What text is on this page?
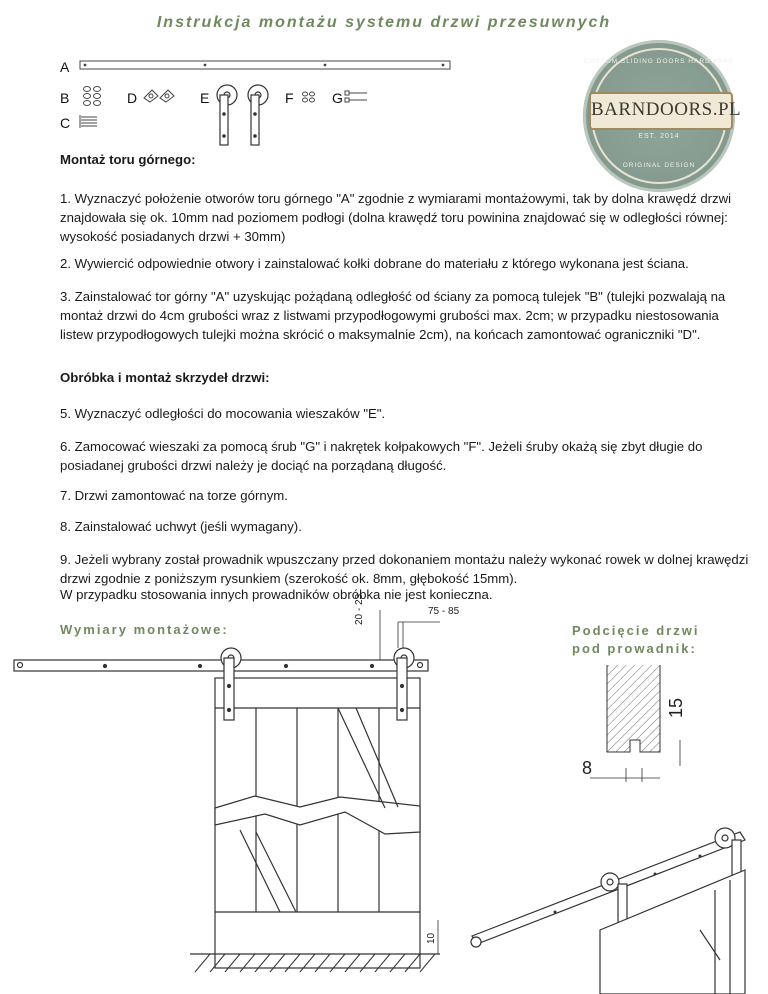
Instrukcja montażu systemu drzwi przesuwnych
A
B
C
D	E	F	G
CUSTOM SLIDING DOORS HARDWARE
BARNDOORS.PL
EST. 2014
ORIGINAL DESIGN
Montaż toru górnego:
1. Wyznaczyć położenie otworów toru górnego "A" zgodnie z wymiarami montażowymi, tak by dolna krawędź drzwi znajdowała się ok. 10mm nad poziomem podłogi (dolna krawędź toru powinina znajdować się w odległości równej: wysokość posiadanych drzwi + 30mm)
2. Wywiercić odpowiednie otwory i zainstalować kołki dobrane do materiału z którego wykonana jest ściana.
3. Zainstalować tor górny "A" uzyskując pożądaną odległość od ściany za pomocą tulejek "B" (tulejki pozwalają na montaż drzwi do 4cm grubości wraz z listwami przypodłogowymi grubości max. 2cm; w przypadku niestosowania listew przypodłogowych tulejki można skrócić o maksymalnie 2cm), na końcach zamontować ograniczniki "D".
Obróbka i montaż skrzydeł drzwi:
5. Wyznaczyć odległości do mocowania wieszaków "E".
6. Zamocować wieszaki za pomocą śrub "G" i nakrętek kołpakowych "F". Jeżeli śruby okażą się zbyt długie do posiadanej grubości drzwi należy je dociąć na porządaną długość.
7. Drzwi zamontować na torze górnym.
8. Zainstalować uchwyt (jeśli wymagany).
9. Jeżeli wybrany został prowadnik wpuszczany przed dokonaniem montażu należy wykonać rowek w dolnej krawędzi drzwi zgodnie z poniższym rysunkiem (szerokość ok. 8mm, głębokość 15mm).
W przypadku stosowania innych prowadników obróbka nie jest konieczna.
Wymiary montażowe:	Podcięcie drzwi
pod prowadnik:
75 - 85
20 - 23
10
15
8
